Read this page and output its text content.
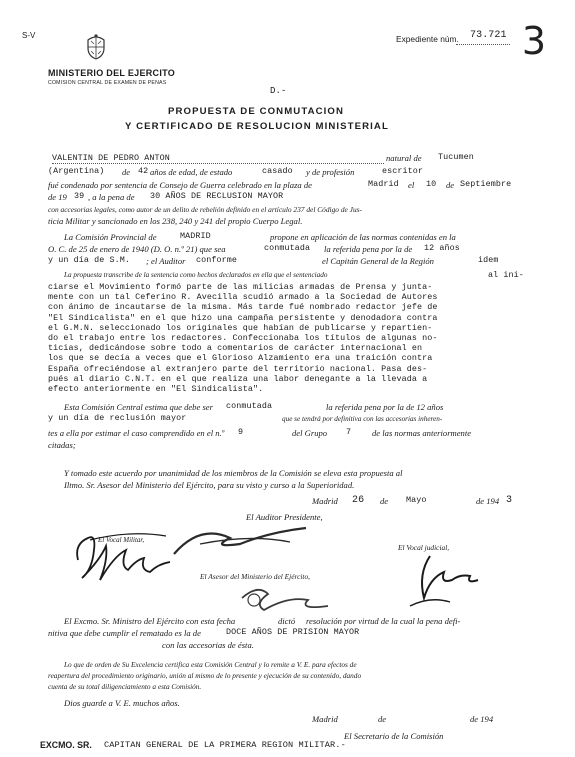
S-V
MINISTERIO DEL EJERCITO
COMISION CENTRAL DE EXAMEN DE PENAS
Expediente núm. 73.721 3
D.-
PROPUESTA DE CONMUTACION
Y CERTIFICADO DE RESOLUCION MINISTERIAL
VALENTIN DE PEDRO ANTON	natural de Tucumen
(Argentina) de 42 años de edad, de estado	casado y de profesión	escritor
fué condenado por sentencia de Consejo de Guerra celebrado en la plaza de	Madrid el 10 de Septiembre
de 19 39 , a la pena de 30 AÑOS DE RECLUSION MAYOR
con accesorias legales, como autor de un delito de rebelión definido en el artículo 237 del Código de Jus-
ticia Militar y sancionado en los 238, 240 y 241 del propio Cuerpo Legal.
La Comisión Provincial de	MADRID	propone en aplicación de las normas contenidas en la
O. C. de 25 de enero de 1940 (D. O. n.º 21) que sea	conmutada la referida pena por la de 12 años
y un día de S.M. ; el Auditor conforme	el Capitán General de la Región	idem
La propuesta transcribe de la sentencia como hechos declarados en ella que el sentenciado	al ini-
ciarse el Movimiento formó parte de las milicias armadas de Prensa y junta-
mente con un tal Ceferino R. Avecilla scudió armado a la Sociedad de Autores
con ánimo de incautarse de la misma. Más tarde fué nombrado redactor jefe de
"El Sindicalista" en el que hizo una campaña persistente y denodadora contra
el G.M.N. seleccionado los originales que habían de publicarse y repartien-
do el trabajo entre los redactores. Confeccionaba los títulos de algunas no-
ticias, dedicándose sobre todo a comentarios de carácter internacional en
los que se decía a veces que el Glorioso Alzamiento era una traición contra
España ofreciéndose al extranjero parte del territorio nacional. Pasa des-
pués al diario C.N.T. en el que realiza una labor denegante a la llevada a
efecto anteriormente en "El Sindicalista".
Esta Comisión Central estima que debe ser conmutada	la referida pena por la de 12 años
y un día de reclusión mayor	que se tendrá por definitiva con las accesorias inheren-
tes a ella por estimar el caso comprendido en el n.º 9	del Grupo 7 de las normas anteriormente
citadas;
Y tomado este acuerdo por unanimidad de los miembros de la Comisión se eleva esta propuesta al
Iltmo. Sr. Asesor del Ministerio del Ejército, para su visto y curso a la Superioridad.
Madrid 26 de Mayo	de 194 3
El Auditor Presidente,
El Vocal Militar,
El Vocal judicial,
El Asesor del Ministerio del Ejército,
El Excmo. Sr. Ministro del Ejército con esta fecha	dictó resolución por virtud de la cual la pena defi-
nitiva que debe cumplir el rematado es la de	DOCE AÑOS DE PRISION MAYOR
con las accesorias de ésta.
Lo que de orden de Su Excelencia certifica esta Comisión Central y lo remite a V. E. para efectos de
reapertura del procedimiento originario, unión al mismo de lo presente y ejecución de su contenido, dando
cuenta de su total diligenciamiento a esta Comisión.
Dios guarde a V. E. muchos años.
Madrid	de	de 194
El Secretario de la Comisión
EXCMO. SR. CAPITAN GENERAL DE LA PRIMERA REGION MILITAR.-
